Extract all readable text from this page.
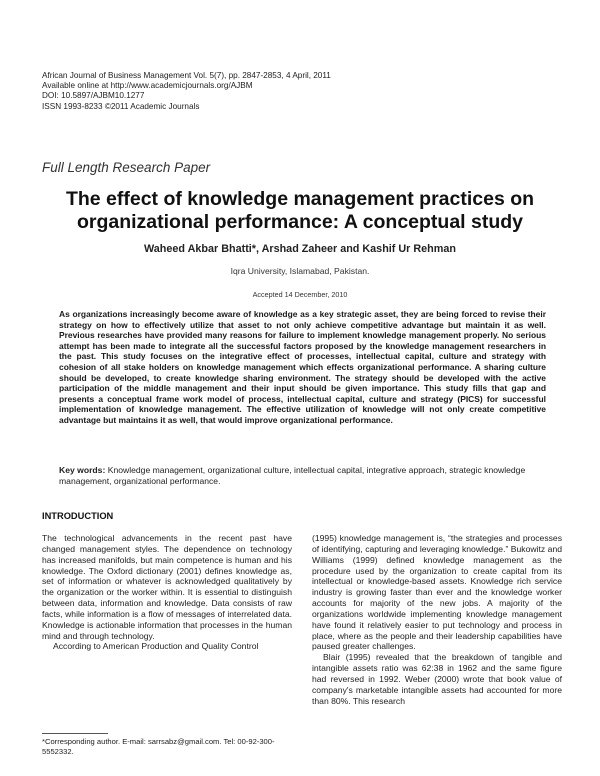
African Journal of Business Management Vol. 5(7), pp. 2847-2853, 4 April, 2011
Available online at http://www.academicjournals.org/AJBM
DOI: 10.5897/AJBM10.1277
ISSN 1993-8233 ©2011 Academic Journals
Full Length Research Paper
The effect of knowledge management practices on
organizational performance: A conceptual study
Waheed Akbar Bhatti*, Arshad Zaheer and Kashif Ur Rehman
Iqra University, Islamabad, Pakistan.
Accepted 14 December, 2010
As organizations increasingly become aware of knowledge as a key strategic asset, they are being forced to revise their strategy on how to effectively utilize that asset to not only achieve competitive advantage but maintain it as well. Previous researches have provided many reasons for failure to implement knowledge management properly. No serious attempt has been made to integrate all the successful factors proposed by the knowledge management researchers in the past. This study focuses on the integrative effect of processes, intellectual capital, culture and strategy with cohesion of all stake holders on knowledge management which effects organizational performance. A sharing culture should be developed, to create knowledge sharing environment. The strategy should be developed with the active participation of the middle management and their input should be given importance. This study fills that gap and presents a conceptual frame work model of process, intellectual capital, culture and strategy (PICS) for successful implementation of knowledge management. The effective utilization of knowledge will not only create competitive advantage but maintains it as well, that would improve organizational performance.
Key words: Knowledge management, organizational culture, intellectual capital, integrative approach, strategic knowledge management, organizational performance.
INTRODUCTION

The technological advancements in the recent past have changed management styles. The dependence on technology has increased manifolds, but main competence is human and his knowledge. The Oxford dictionary (2001) defines knowledge as, set of information or whatever is acknowledged qualitatively by the organization or the worker within. It is essential to distinguish between data, information and knowledge. Data consists of raw facts, while information is a flow of messages of interrelated data. Knowledge is actionable information that processes in the human mind and through technology.

According to American Production and Quality Control

(1995) knowledge management is, “the strategies and processes of identifying, capturing and leveraging knowledge.” Bukowitz and Williams (1999) defined knowledge management as the procedure used by the organization to create capital from its intellectual or knowledge-based assets. Knowledge rich service industry is growing faster than ever and the knowledge worker accounts for majority of the new jobs. A majority of the organizations worldwide implementing knowledge management have found it relatively easier to put technology and process in place, where as the people and their leadership capabilities have paused greater challenges.

Blair (1995) revealed that the breakdown of tangible and intangible assets ratio was 62:38 in 1962 and the same figure had reversed in 1992. Weber (2000) wrote that book value of company's marketable intangible assets had accounted for more than 80%. This research

*Corresponding author. E-mail: sarrsabz@gmail.com. Tel: 00-92-300-5552332.
